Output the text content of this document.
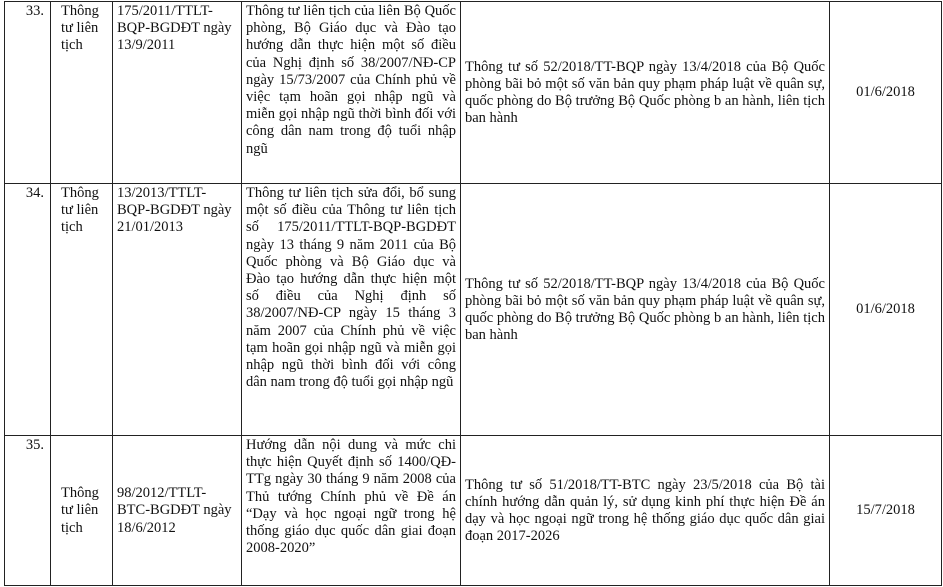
33.	Thông tư liên tịch	175/2011/TTLT-BQP-BGDĐT ngày 13/9/2011	Thông tư liên tịch của liên Bộ Quốc phòng, Bộ Giáo dục và Đào tạo hướng dẫn thực hiện một số điều của Nghị định số 38/2007/NĐ-CP ngày 15/73/2007 của Chính phủ về việc tạm hoãn gọi nhập ngũ và miễn gọi nhập ngũ thời bình đối với công dân nam trong độ tuổi nhập ngũ	Thông tư số 52/2018/TT-BQP ngày 13/4/2018 của Bộ Quốc phòng bãi bỏ một số văn bản quy phạm pháp luật về quân sự, quốc phòng do Bộ trưởng Bộ Quốc phòng b an hành, liên tịch ban hành	01/6/2018
34.	Thông tư liên tịch	13/2013/TTLT-BQP-BGDĐT ngày 21/01/2013	Thông tư liên tịch sửa đổi, bổ sung một số điều của Thông tư liên tịch số 175/2011/TTLT-BQP-BGDĐT ngày 13 tháng 9 năm 2011 của Bộ Quốc phòng và Bộ Giáo dục và Đào tạo hướng dẫn thực hiện một số điều của Nghị định số 38/2007/NĐ-CP ngày 15 tháng 3 năm 2007 của Chính phủ về việc tạm hoãn gọi nhập ngũ và miễn gọi nhập ngũ thời bình đối với công dân nam trong độ tuổi gọi nhập ngũ	Thông tư số 52/2018/TT-BQP ngày 13/4/2018 của Bộ Quốc phòng bãi bỏ một số văn bản quy phạm pháp luật về quân sự, quốc phòng do Bộ trưởng Bộ Quốc phòng b an hành, liên tịch ban hành	01/6/2018
35.	Thông tư liên tịch	98/2012/TTLT-BTC-BGDĐT ngày 18/6/2012	Hướng dẫn nội dung và mức chi thực hiện Quyết định số 1400/QĐ-TTg ngày 30 tháng 9 năm 2008 của Thủ tướng Chính phủ về Đề án “Dạy và học ngoại ngữ trong hệ thống giáo dục quốc dân giai đoạn 2008-2020”	Thông tư số 51/2018/TT-BTC ngày 23/5/2018 của Bộ tài chính hướng dẫn quản lý, sử dụng kinh phí thực hiện Đề án dạy và học ngoại ngữ trong hệ thống giáo dục quốc dân giai đoạn 2017-2026	15/7/2018
